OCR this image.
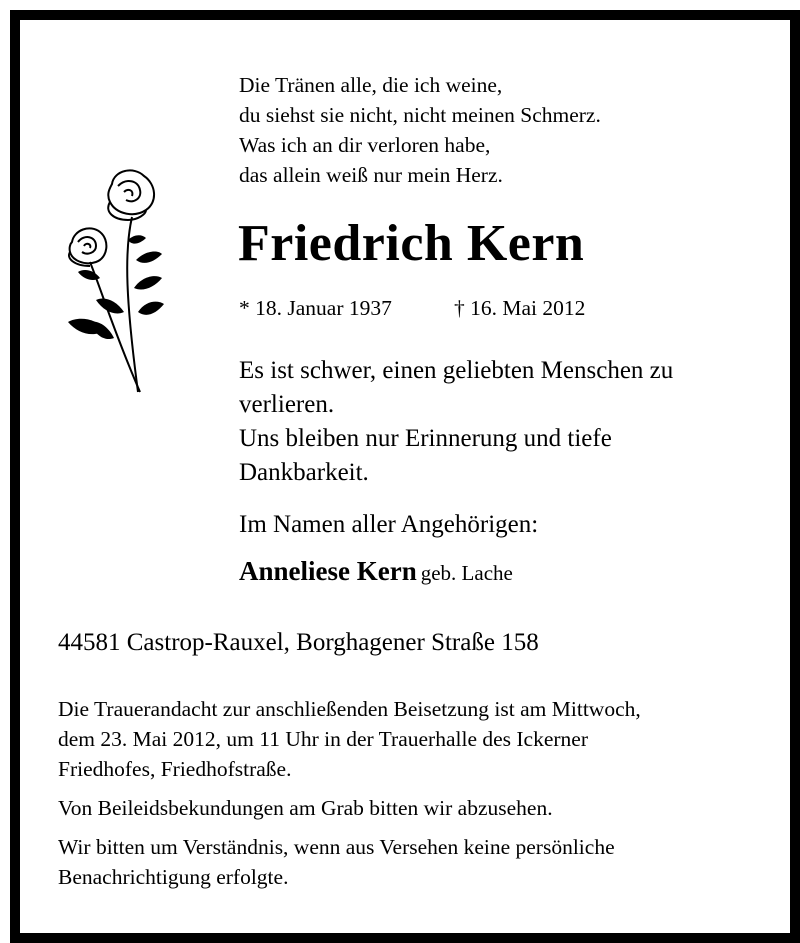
Die Tränen alle, die ich weine,
du siehst sie nicht, nicht meinen Schmerz.
Was ich an dir verloren habe,
das allein weiß nur mein Herz.
Friedrich Kern
* 18. Januar 1937	† 16. Mai 2012
Es ist schwer, einen geliebten Menschen zu
verlieren.
Uns bleiben nur Erinnerung und tiefe
Dankbarkeit.
Im Namen aller Angehörigen:
Anneliese Kern geb. Lache
44581 Castrop-Rauxel, Borghagener Straße 158

Die Trauerandacht zur anschließenden Beisetzung ist am Mittwoch,
dem 23. Mai 2012, um 11 Uhr in der Trauerhalle des Ickerner
Friedhofes, Friedhofstraße.

Von Beileidsbekundungen am Grab bitten wir abzusehen.

Wir bitten um Verständnis, wenn aus Versehen keine persönliche
Benachrichtigung erfolgte.
